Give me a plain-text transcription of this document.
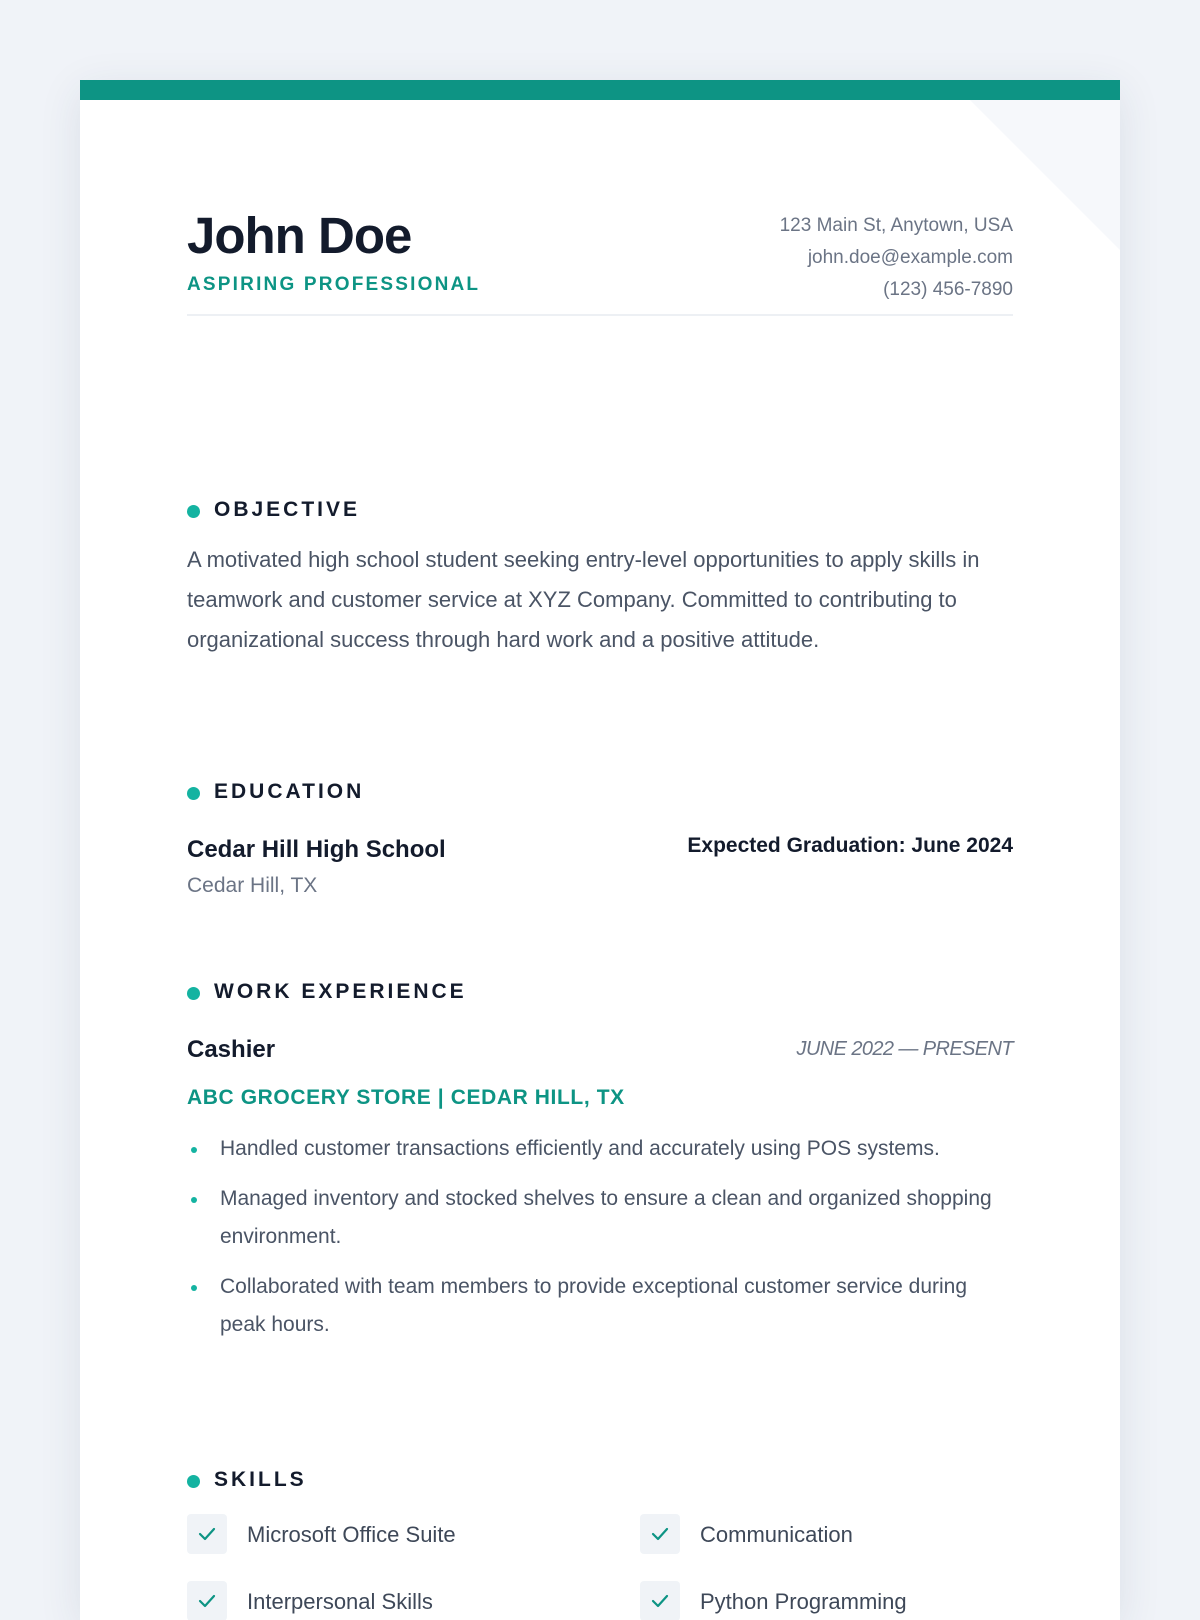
John Doe
ASPIRING PROFESSIONAL
123 Main St, Anytown, USA
john.doe@example.com
(123) 456-7890
OBJECTIVE
A motivated high school student seeking entry-level opportunities to apply skills in teamwork and customer service at XYZ Company. Committed to contributing to organizational success through hard work and a positive attitude.
EDUCATION
Cedar Hill High School
Cedar Hill, TX
Expected Graduation: June 2024
WORK EXPERIENCE
Cashier	JUNE 2022 — PRESENT
ABC GROCERY STORE | CEDAR HILL, TX
Handled customer transactions efficiently and accurately using POS systems.
Managed inventory and stocked shelves to ensure a clean and organized shopping environment.
Collaborated with team members to provide exceptional customer service during peak hours.
SKILLS
Microsoft Office Suite	Communication
Interpersonal Skills	Python Programming
